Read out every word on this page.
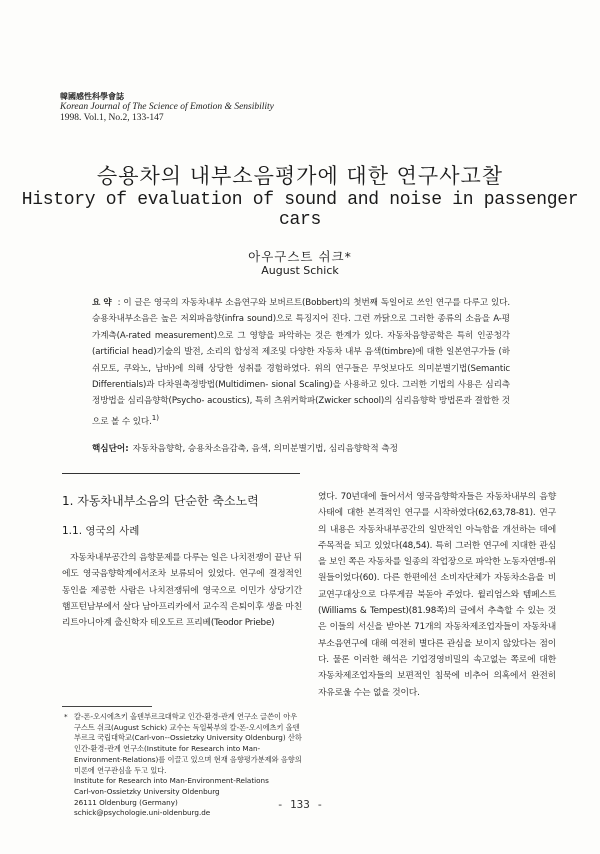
韓國感性科學會誌
Korean Journal of The Science of Emotion & Sensibility
1998. Vol.1, No.2, 133-147
승용차의 내부소음평가에 대한 연구사고찰
History of evaluation of sound and noise in passenger cars
아우구스트 쉬크*
August Schick
요 약 : 이 글은 영국의 자동차내부 소음연구와 보버르트(Bobbert)의 첫번째 독일어로 쓰인 연구를 다루고 있다. 승용차내부소음은 높은 저외파음향(infra sound)으로 특징지어 진다. 그런 까닭으로 그러한 종류의 소음을 A-평가계측(A-rated measurement)으로 그 영향을 파악하는 것은 한계가 있다. 자동차음향공학은 특히 인공청각(artificial head)기술의 발전, 소리의 합성적 제조및 다양한 자동차 내부 음색(timbre)에 대한 일본연구가들 (하쉬모토, 쿠와노, 남바)에 의해 상당한 성취를 경험하였다. 위의 연구들은 무엇보다도 의미분별기법(Semantic Differentials)과 다차원축정방법(Multidimen- sional Scaling)을 사용하고 있다. 그러한 기법의 사용은 심리측정방법을 심리음향학(Psycho- acoustics), 특히 츠위커학파(Zwicker school)의 심리음향학 방법론과 결합한 것으로 볼 수 있다.$^{1)}$
핵심단어: 자동차음향학, 승용차소음감축, 음색, 의미분별기법, 심리음향학적 측정
1. 자동차내부소음의 단순한 축소노력
1.1. 영국의 사례

자동차내부공간의 음향문제를 다루는 일은 나치전쟁이 끝난 뒤에도 영국음향학계에서조차 보류되어 있었다. 연구에 결정적인 동인을 제공한 사람은 나치전쟁뒤에 영국으로 이민가 상당기간 햄프턴남부에서 살다 남아프리카에서 교수직 은퇴이후 생을 마친 리트아니아계 출신학자 테오도르 프리베(Teodor Priebe)

였다. 70년대에 들어서서 영국음향학자들은 자동차내부의 음향사태에 대한 본격적인 연구를 시작하였다(62,63,78-81). 연구의 내용은 자동차내부공간의 일반적인 아늑함을 개선하는 데에 주목적을 되고 있었다(48,54). 특히 그러한 연구에 지대한 관심을 보인 쪽은 자동차를 일종의 작업장으로 파악한 노동자연맹-위원들이었다(60). 다른 한편에선 소비자단체가 자동차소음을 비교연구대상으로 다루게끔 북돋아 주었다. 윌리엄스와 템페스트(Williams & Tempest)(81.98쪽)의 글에서 추측할 수 있는 것은 이들의 서신을 받아본 71개의 자동차제조업자들이 자동차내부소음연구에 대해 여전히 별다른 관심을 보이지 않았다는 점이다. 물론 이러한 해석은 기업경영비밀의 속고없는 쪽로에 대한 자동차제조업자들의 보편적인 침묵에 비추어 의혹에서 완전히 자유로울 수는 없을 것이다.

* 칼-폰-오시에츠키 올덴부르크대학교 인간-환경-관계 연구소 글쓴이 아우구스트 쉬크(August Schick) 교수는 독일북부의 칼-폰-오시에츠키 올덴부르크 국립대학교(Carl-von--Ossietzky University Oldenburg) 산하 인간-환경-관계 연구소(Institute for Research into Man-Environment-Relations)를 이끌고 있으며 현재 음향평가분제와 음향의미론에 연구관심을 두고 있다.
Institute for Research into Man-Environment-Relations
Carl-von-Ossietzky University Oldenburg
26111 Oldenburg (Germany)
schick@psychologie.uni-oldenburg.de
- 133 -
